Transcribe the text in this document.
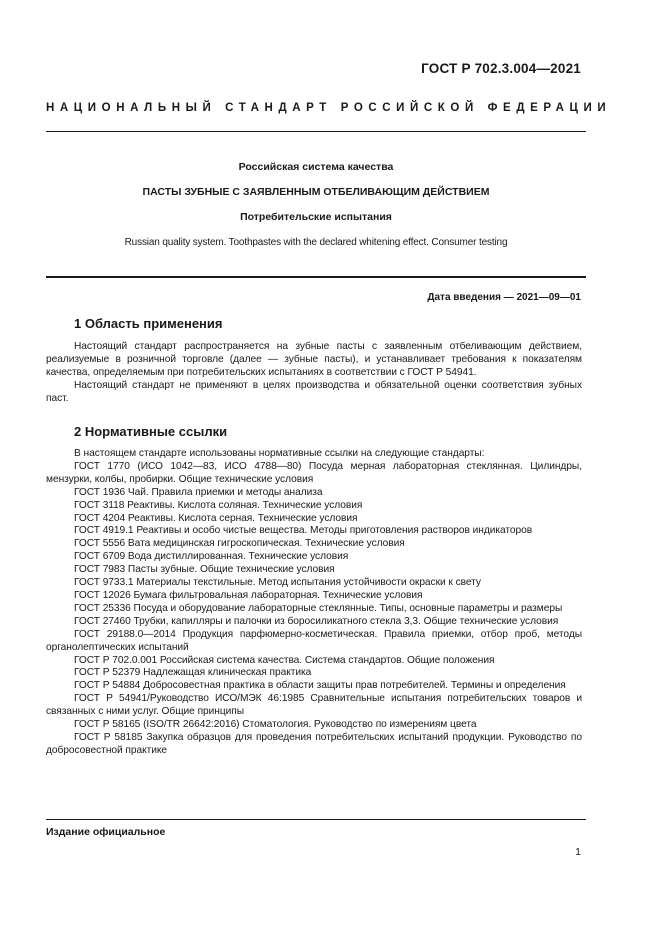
ГОСТ Р 702.3.004—2021
НАЦИОНАЛЬНЫЙ СТАНДАРТ РОССИЙСКОЙ ФЕДЕРАЦИИ
Российская система качества
ПАСТЫ ЗУБНЫЕ С ЗАЯВЛЕННЫМ ОТБЕЛИВАЮЩИМ ДЕЙСТВИЕМ
Потребительские испытания
Russian quality system. Toothpastes with the declared whitening effect. Consumer testing
Дата введения — 2021—09—01
1 Область применения

Настоящий стандарт распространяется на зубные пасты с заявленным отбеливающим действием, реализуемые в розничной торговле (далее — зубные пасты), и устанавливает требования к показателям качества, определяемым при потребительских испытаниях в соответствии с ГОСТ Р 54941.

Настоящий стандарт не применяют в целях производства и обязательной оценки соответствия зубных паст.

2 Нормативные ссылки

В настоящем стандарте использованы нормативные ссылки на следующие стандарты:

ГОСТ 1770 (ИСО 1042—83, ИСО 4788—80) Посуда мерная лабораторная стеклянная. Цилиндры, мензурки, колбы, пробирки. Общие технические условия

ГОСТ 1936 Чай. Правила приемки и методы анализа

ГОСТ 3118 Реактивы. Кислота соляная. Технические условия

ГОСТ 4204 Реактивы. Кислота серная. Технические условия

ГОСТ 4919.1 Реактивы и особо чистые вещества. Методы приготовления растворов индикаторов

ГОСТ 5556 Вата медицинская гигроскопическая. Технические условия

ГОСТ 6709 Вода дистиллированная. Технические условия

ГОСТ 7983 Пасты зубные. Общие технические условия

ГОСТ 9733.1 Материалы текстильные. Метод испытания устойчивости окраски к свету

ГОСТ 12026 Бумага фильтровальная лабораторная. Технические условия

ГОСТ 25336 Посуда и оборудование лабораторные стеклянные. Типы, основные параметры и размеры

ГОСТ 27460 Трубки, капилляры и палочки из боросиликатного стекла 3,3. Общие технические условия

ГОСТ 29188.0—2014 Продукция парфюмерно-косметическая. Правила приемки, отбор проб, методы органолептических испытаний

ГОСТ Р 702.0.001 Российская система качества. Система стандартов. Общие положения

ГОСТ Р 52379 Надлежащая клиническая практика

ГОСТ Р 54884 Добросовестная практика в области защиты прав потребителей. Термины и определения

ГОСТ Р 54941/Руководство ИСО/МЭК 46:1985 Сравнительные испытания потребительских товаров и связанных с ними услуг. Общие принципы

ГОСТ Р 58165 (ISO/TR 26642:2016) Стоматология. Руководство по измерениям цвета

ГОСТ Р 58185 Закупка образцов для проведения потребительских испытаний продукции. Руководство по добросовестной практике

Издание официальное
1
